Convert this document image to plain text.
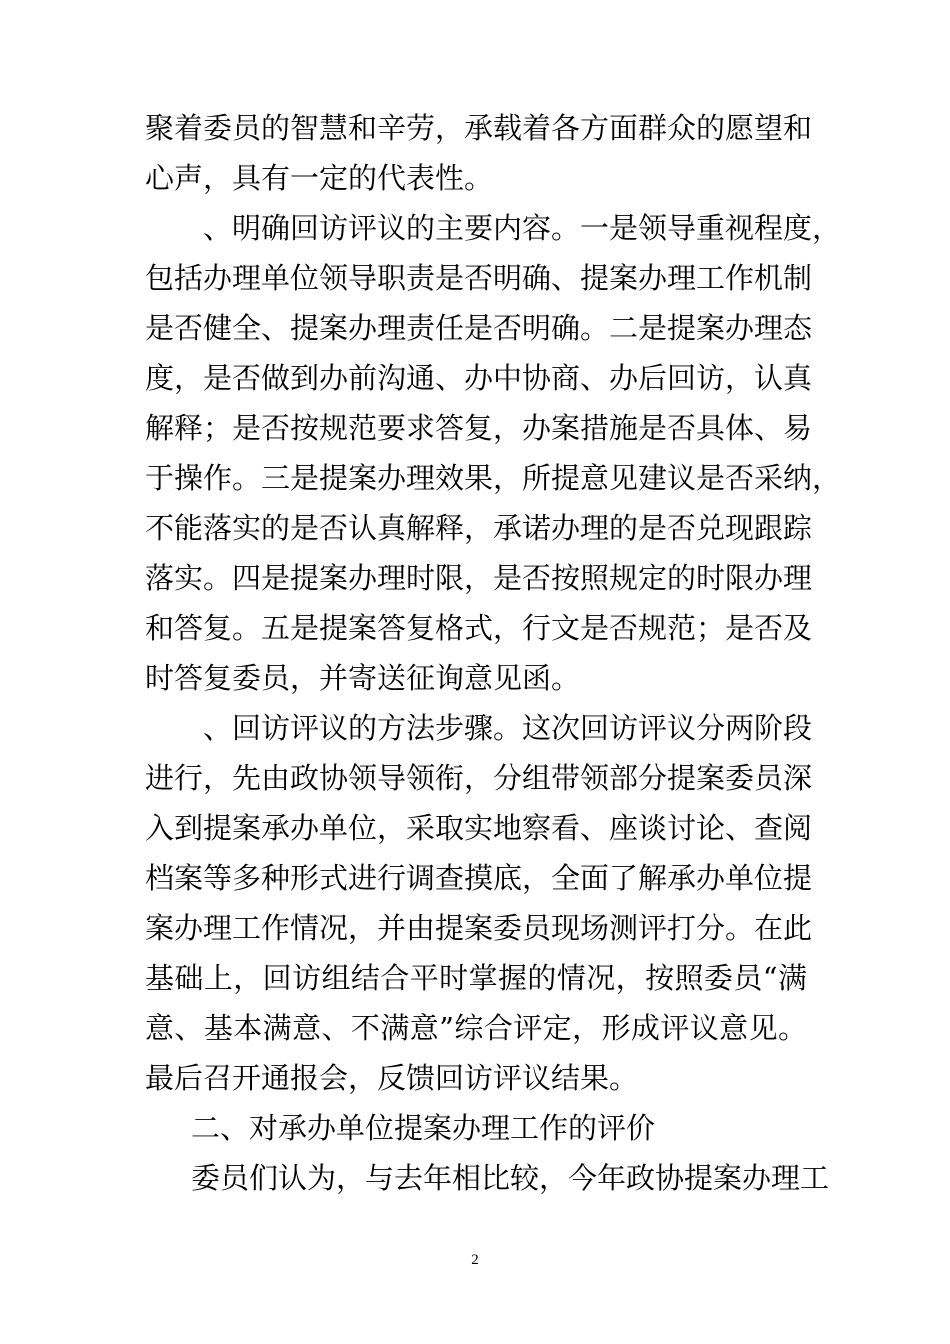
聚着委员的智慧和辛劳，承载着各方面群众的愿望和
心声，具有一定的代表性。
、明确回访评议的主要内容。一是领导重视程度，
包括办理单位领导职责是否明确、提案办理工作机制
是否健全、提案办理责任是否明确。二是提案办理态
度，是否做到办前沟通、办中协商、办后回访，认真
解释；是否按规范要求答复，办案措施是否具体、易
于操作。三是提案办理效果，所提意见建议是否采纳，
不能落实的是否认真解释，承诺办理的是否兑现跟踪
落实。四是提案办理时限，是否按照规定的时限办理
和答复。五是提案答复格式，行文是否规范；是否及
时答复委员，并寄送征询意见函。
、回访评议的方法步骤。这次回访评议分两阶段
进行，先由政协领导领衔，分组带领部分提案委员深
入到提案承办单位，采取实地察看、座谈讨论、查阅
档案等多种形式进行调查摸底，全面了解承办单位提
案办理工作情况，并由提案委员现场测评打分。在此
基础上，回访组结合平时掌握的情况，按照委员“满
意、基本满意、不满意”综合评定，形成评议意见。
最后召开通报会，反馈回访评议结果。
二、对承办单位提案办理工作的评价
委员们认为，与去年相比较，今年政协提案办理工
2
